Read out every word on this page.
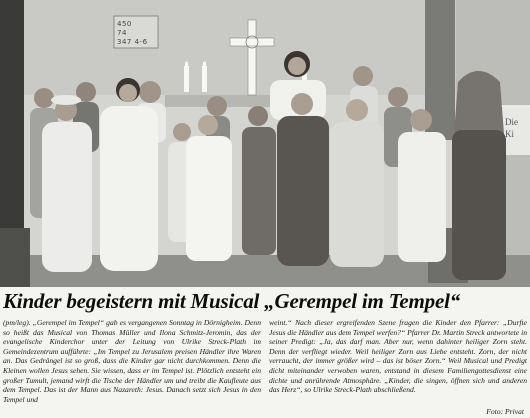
Die
Ki
450
74
347 4-6
Kinder begeistern mit Musical „Gerempel im Tempel“

(pm/leg). „Gerempel im Tempel“ gab es vergangenen Sonntag in Dörnigheim. Denn so heißt das Musical von Thomas Müller und Ilona Schmitz-Jeromin, das der evangelische Kinderchor unter der Leitung von Ulrike Streck-Plath im Gemeindezentrum aufführte: „Im Tempel zu Jerusalem preisen Händler ihre Waren an. Das Gedrängel ist so groß, dass die Kinder gar nicht durchkommen. Denn die Kleinen wollen Jesus sehen. Sie wissen, dass er im Tempel ist. Plötzlich entsteht ein großer Tumult, jemand wirft die Tische der Händler um und treibt die Kaufleute aus dem Tempel. Das ist der Mann aus Nazareth: Jesus. Danach setzt sich Jesus in den Tempel und

weint.“ Nach dieser ergreifenden Szene fragen die Kinder den Pfarrer: „Durfte Jesus die Händler aus dem Tempel werfen?“ Pfarrer Dr. Martin Streck antwortete in seiner Predigt: „Ja, das darf man. Aber nur, wenn dahinter heiliger Zorn steht. Denn der verfliegt wieder. Weil heiliger Zorn aus Liebe entsteht. Zorn, der nicht verraucht, der immer größer wird – das ist böser Zorn.“ Weil Musical und Predigt dicht miteinander verwoben waren, entstand in diesem Familiengottesdienst eine dichte und anrührende Atmosphäre. „Kinder, die singen, öffnen sich und anderen das Herz“, so Ulrike Streck-Plath abschließend.

Foto: Privat
